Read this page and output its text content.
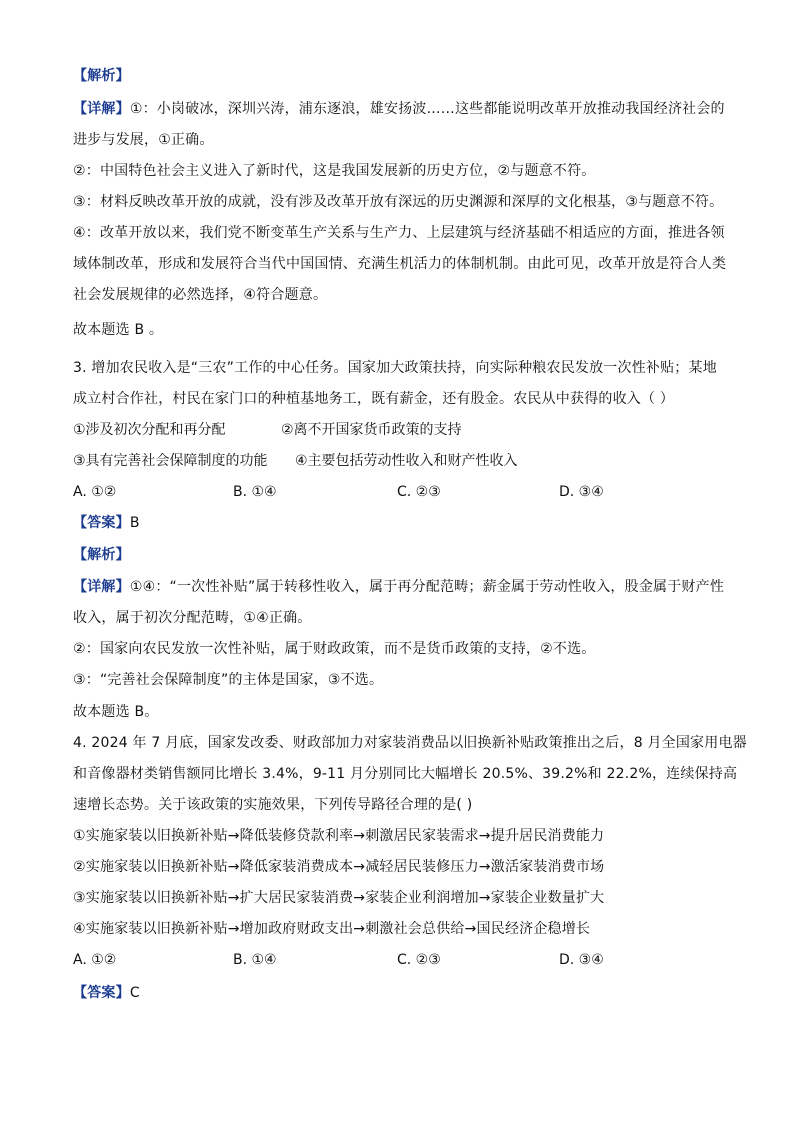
【解析】
【详解】①：小岗破冰，深圳兴涛，浦东逐浪，雄安扬波……这些都能说明改革开放推动我国经济社会的
进步与发展，①正确。
②：中国特色社会主义进入了新时代，这是我国发展新的历史方位，②与题意不符。
③：材料反映改革开放的成就，没有涉及改革开放有深远的历史渊源和深厚的文化根基，③与题意不符。
④：改革开放以来，我们党不断变革生产关系与生产力、上层建筑与经济基础不相适应的方面，推进各领
域体制改革，形成和发展符合当代中国国情、充满生机活力的体制机制。由此可见，改革开放是符合人类
社会发展规律的必然选择，④符合题意。
故本题选 B 。
3. 增加农民收入是“三农”工作的中心任务。国家加大政策扶持，向实际种粮农民发放一次性补贴；某地
成立村合作社，村民在家门口的种植基地务工，既有薪金，还有股金。农民从中获得的收入（ ）
①涉及初次分配和再分配	②离不开国家货币政策的支持
③具有完善社会保障制度的功能 ④主要包括劳动性收入和财产性收入
A. ①②	B. ①④	C. ②③	D. ③④
【答案】B
【解析】
【详解】①④：“一次性补贴”属于转移性收入，属于再分配范畴；薪金属于劳动性收入，股金属于财产性
收入，属于初次分配范畴，①④正确。
②：国家向农民发放一次性补贴，属于财政政策，而不是货币政策的支持，②不选。
③：“完善社会保障制度”的主体是国家，③不选。
故本题选 B。
4. 2024 年 7 月底，国家发改委、财政部加力对家装消费品以旧换新补贴政策推出之后，8 月全国家用电器
和音像器材类销售额同比增长 3.4%，9-11 月分别同比大幅增长 20.5%、39.2%和 22.2%，连续保持高
速增长态势。关于该政策的实施效果，下列传导路径合理的是( )
①实施家装以旧换新补贴→降低装修贷款利率→刺激居民家装需求→提升居民消费能力
②实施家装以旧换新补贴→降低家装消费成本→减轻居民装修压力→激活家装消费市场
③实施家装以旧换新补贴→扩大居民家装消费→家装企业利润增加→家装企业数量扩大
④实施家装以旧换新补贴→增加政府财政支出→刺激社会总供给→国民经济企稳增长
A. ①②	B. ①④	C. ②③	D. ③④
【答案】C
